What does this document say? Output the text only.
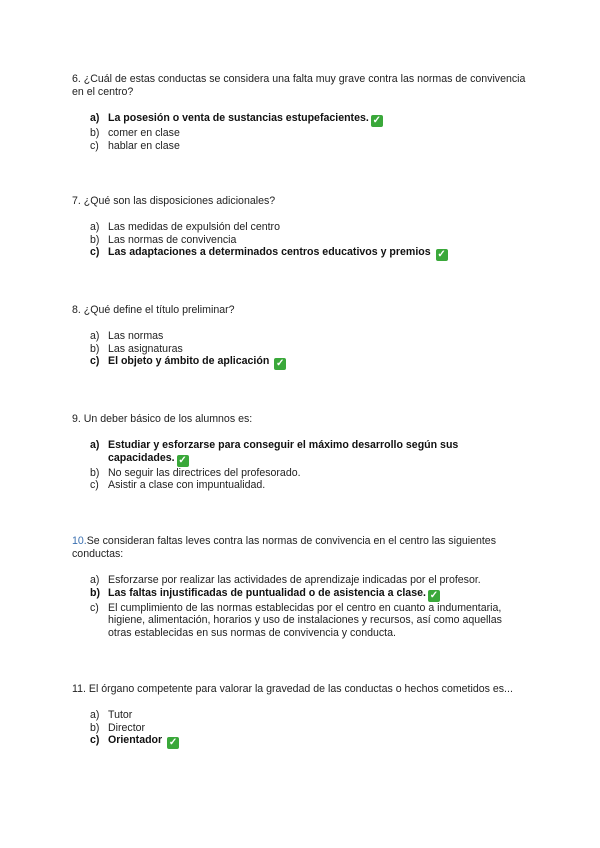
6. ¿Cuál de estas conductas se considera una falta muy grave contra las normas de convivencia en el centro?

a) La posesión o venta de sustancias estupefacientes. ✓
b) comer en clase
c) hablar en clase

7. ¿Qué son las disposiciones adicionales?

a) Las medidas de expulsión del centro
b) Las normas de convivencia
c) Las adaptaciones a determinados centros educativos y premios ✓

8. ¿Qué define el título preliminar?

a) Las normas
b) Las asignaturas
c) El objeto y ámbito de aplicación ✓

9. Un deber básico de los alumnos es:

a) Estudiar y esforzarse para conseguir el máximo desarrollo según sus capacidades. ✓
b) No seguir las directrices del profesorado.
c) Asistir a clase con impuntualidad.

10.Se consideran faltas leves contra las normas de convivencia en el centro las siguientes conductas:

a) Esforzarse por realizar las actividades de aprendizaje indicadas por el profesor.
b) Las faltas injustificadas de puntualidad o de asistencia a clase. ✓
c) El cumplimiento de las normas establecidas por el centro en cuanto a indumentaria, higiene, alimentación, horarios y uso de instalaciones y recursos, así como aquellas otras establecidas en sus normas de convivencia y conducta.

11. El órgano competente para valorar la gravedad de las conductas o hechos cometidos es...

a) Tutor
b) Director
c) Orientador ✓
